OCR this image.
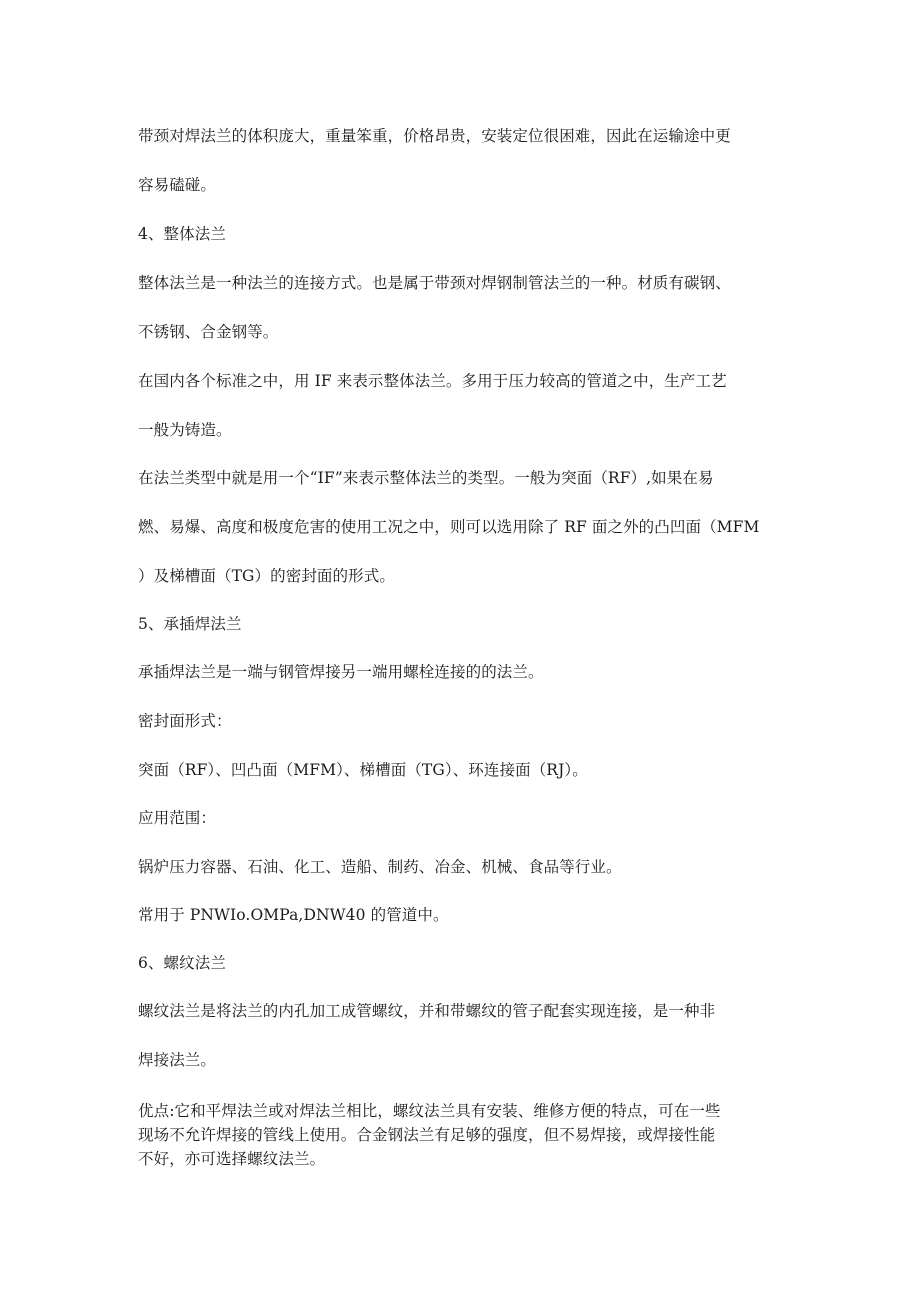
带颈对焊法兰的体积庞大，重量笨重，价格昂贵，安装定位很困难，因此在运输途中更
容易磕碰。
4、整体法兰
整体法兰是一种法兰的连接方式。也是属于带颈对焊钢制管法兰的一种。材质有碳钢、
不锈钢、合金钢等。
在国内各个标准之中，用 IF 来表示整体法兰。多用于压力较高的管道之中，生产工艺
一般为铸造。
在法兰类型中就是用一个“IF”来表示整体法兰的类型。一般为突面（RF）,如果在易
燃、易爆、高度和极度危害的使用工况之中，则可以选用除了 RF 面之外的凸凹面（MFM
）及梯槽面（TG）的密封面的形式。
5、承插焊法兰
承插焊法兰是一端与钢管焊接另一端用螺栓连接的的法兰。
密封面形式：
突面（RF）、凹凸面（MFM）、梯槽面（TG）、环连接面（RJ）。
应用范围：
锅炉压力容器、石油、化工、造船、制药、冶金、机械、食品等行业。
常用于 PNWIo.OMPa,DNW40 的管道中。
6、螺纹法兰
螺纹法兰是将法兰的内孔加工成管螺纹，并和带螺纹的管子配套实现连接，是一种非
焊接法兰。
优点:它和平焊法兰或对焊法兰相比，螺纹法兰具有安装、维修方便的特点，可在一些
现场不允许焊接的管线上使用。合金钢法兰有足够的强度，但不易焊接，或焊接性能
不好，亦可选择螺纹法兰。
